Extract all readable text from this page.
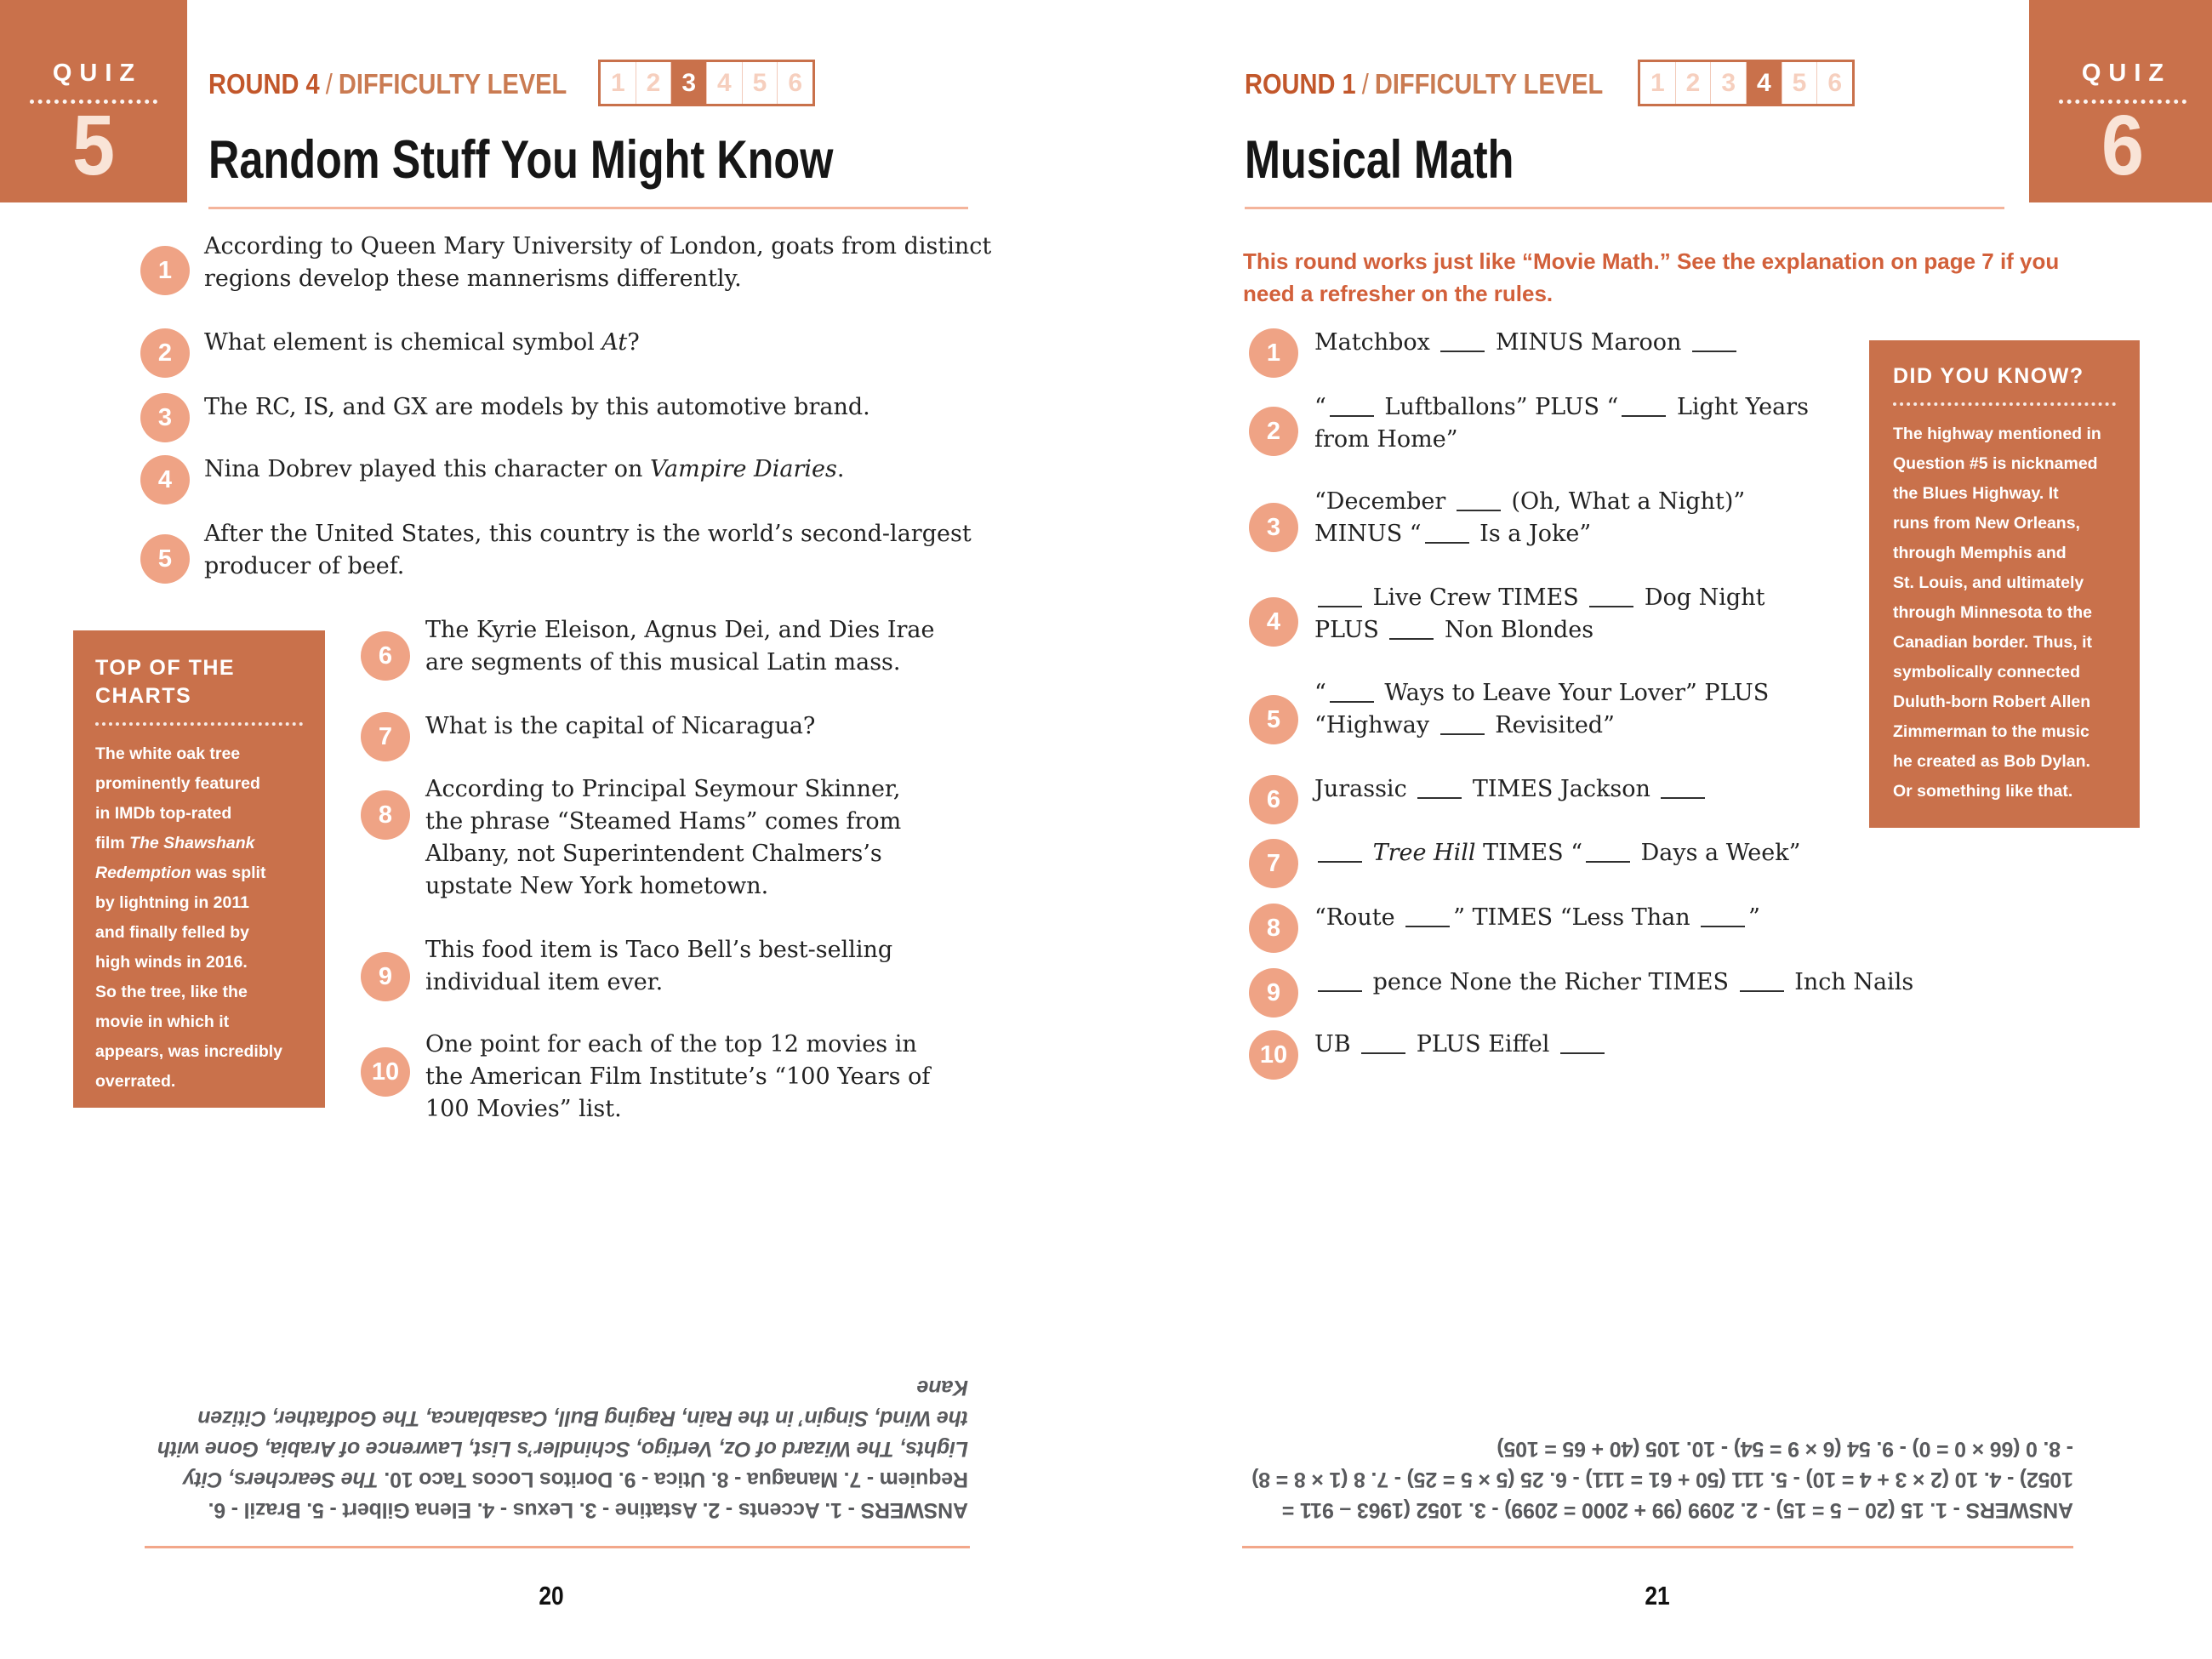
QUIZ
5
ROUND 4 / DIFFICULTY LEVEL	1 2 3 4 5 6
Random Stuff You Might Know
1
According to Queen Mary University of London, goats from distinct
regions develop these mannerisms differently.
2	What element is chemical symbol At?
3	The RC, IS, and GX are models by this automotive brand.
4	Nina Dobrev played this character on Vampire Diaries.
5
After the United States, this country is the world’s second-largest
producer of beef.
6
The Kyrie Eleison, Agnus Dei, and Dies Irae
are segments of this musical Latin mass.
7	What is the capital of Nicaragua?
8
According to Principal Seymour Skinner,
the phrase “Steamed Hams” comes from
Albany, not Superintendent Chalmers’s
upstate New York hometown.
9
This food item is Taco Bell’s best-selling
individual item ever.
10
One point for each of the top 12 movies in
the American Film Institute’s “100 Years of
100 Movies” list.
TOP OF THE CHARTS
The white oak tree
prominently featured
in IMDb top-rated
film The Shawshank
Redemption was split
by lightning in 2011
and finally felled by
high winds in 2016.
So the tree, like the
movie in which it
appears, was incredibly
overrated.

ANSWERS - 1. Accents - 2. Astatine - 3. Lexus - 4. Elena Gilbert - 5. Brazil - 6. Requiem - 7. Managua - 8. Utica - 9. Doritos Locos Taco 10. The Searchers, City Lights, The Wizard of Oz, Vertigo, Schindler’s List, Lawrence of Arabia, Gone with the Wind, Singin’ in the Rain, Raging Bull, Casablanca, The Godfather, Citizen Kane

20
QUIZ
6
ROUND 1 / DIFFICULTY LEVEL	1 2 3 4 5 6
Musical Math
This round works just like “Movie Math.” See the explanation on page 7 if you
need a refresher on the rules.
1	Matchbox  MINUS Maroon
2
“ Luftballons” PLUS “ Light Years
from Home”
3
“December  (Oh, What a Night)”
MINUS “ Is a Joke”
4
Live Crew TIMES  Dog Night
PLUS  Non Blondes
5
“ Ways to Leave Your Lover” PLUS
“Highway  Revisited”
6	Jurassic  TIMES Jackson
7	Tree Hill TIMES “ Days a Week”
8	“Route ” TIMES “Less Than ”
9	pence None the Richer TIMES  Inch Nails
10	UB  PLUS Eiffel
DID YOU KNOW?
The highway mentioned in
Question #5 is nicknamed
the Blues Highway. It
runs from New Orleans,
through Memphis and
St. Louis, and ultimately
through Minnesota to the
Canadian border. Thus, it
symbolically connected
Duluth-born Robert Allen
Zimmerman to the music
he created as Bob Dylan.
Or something like that.

ANSWERS - 1. 15 (20 – 5 = 15) - 2. 2099 (99 + 2000 = 2099) - 3. 1052 (1963 – 911 = 1052) - 4. 10 (2 × 3 + 4 = 10) - 5. 111 (50 + 61 = 111) - 6. 25 (5 × 5 = 25) - 7. 8 (1 × 8 = 8) - 8. 0 (66 × 0 = 0) - 9. 54 (6 × 9 = 54) - 10. 105 (40 + 65 = 105)

21
